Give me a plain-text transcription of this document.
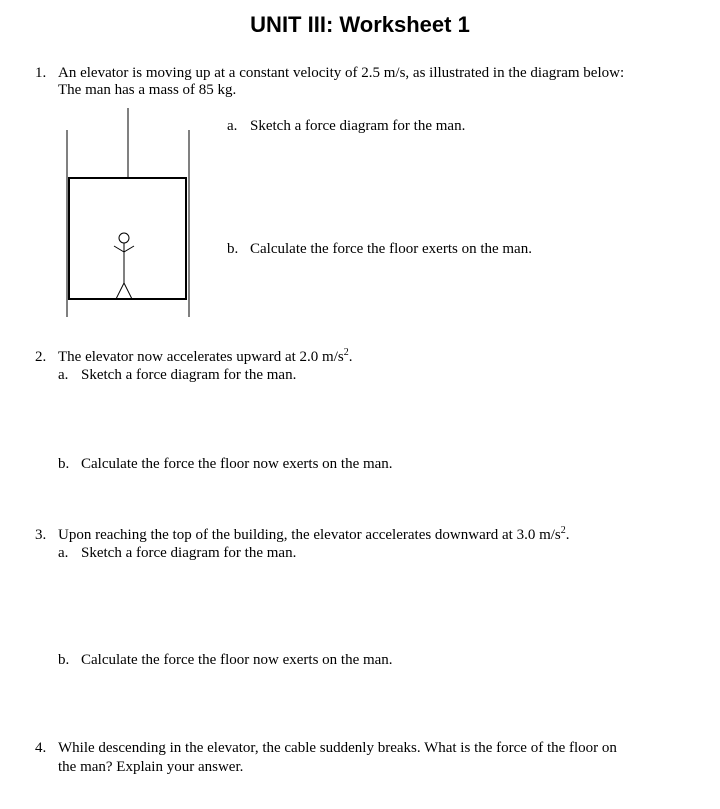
UNIT III: Worksheet 1
1. An elevator is moving up at a constant velocity of 2.5 m/s, as illustrated in the diagram below:
The man has a mass of 85 kg.
a. Sketch a force diagram for the man.
b. Calculate the force the floor exerts on the man.
2. The elevator now accelerates upward at 2.0 $m/s^2$.
a. Sketch a force diagram for the man.
b. Calculate the force the floor now exerts on the man.
3. Upon reaching the top of the building, the elevator accelerates downward at 3.0 $m/s^2$.
a. Sketch a force diagram for the man.
b. Calculate the force the floor now exerts on the man.
4. While descending in the elevator, the cable suddenly breaks. What is the force of the floor on
the man? Explain your answer.
